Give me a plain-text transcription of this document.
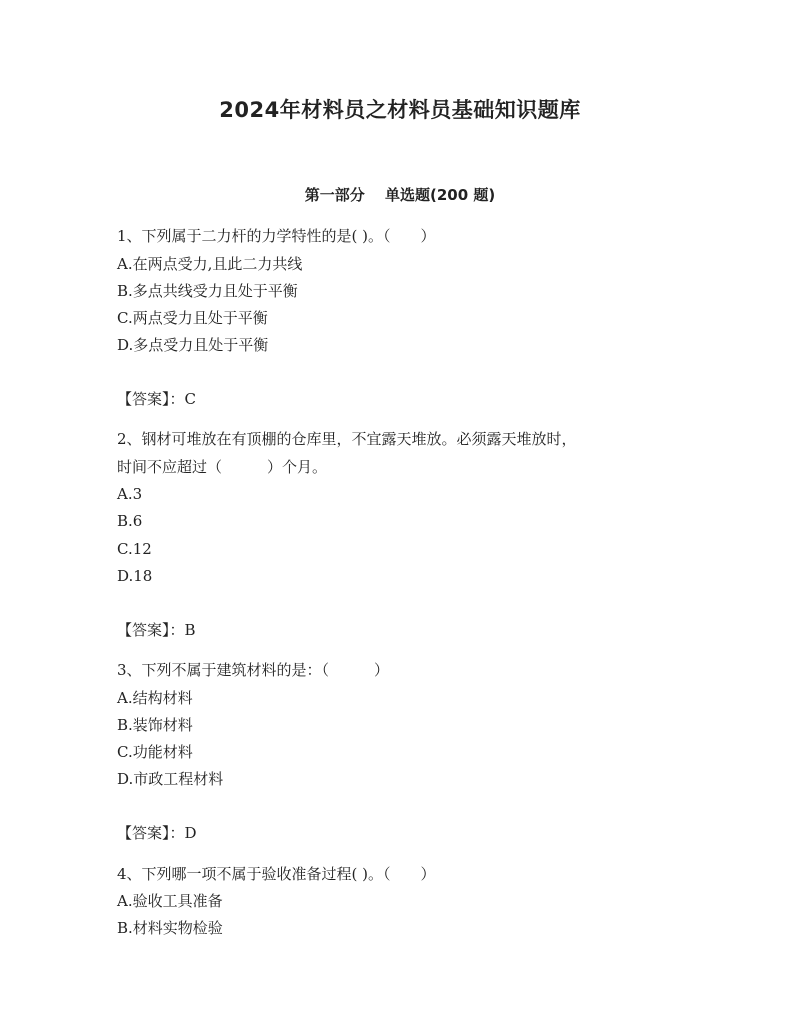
2024年材料员之材料员基础知识题库
第一部分　 单选题(200 题)
1、下列属于二力杆的力学特性的是( )。（　　）
A.在两点受力,且此二力共线
B.多点共线受力且处于平衡
C.两点受力且处于平衡
D.多点受力且处于平衡
【答案】：C
2、钢材可堆放在有顶棚的仓库里，不宜露天堆放。必须露天堆放时，
时间不应超过（　　　）个月。
A.3
B.6
C.12
D.18
【答案】：B
3、下列不属于建筑材料的是：（　　　）
A.结构材料
B.装饰材料
C.功能材料
D.市政工程材料
【答案】：D
4、下列哪一项不属于验收准备过程( )。（　　）
A.验收工具准备
B.材料实物检验
